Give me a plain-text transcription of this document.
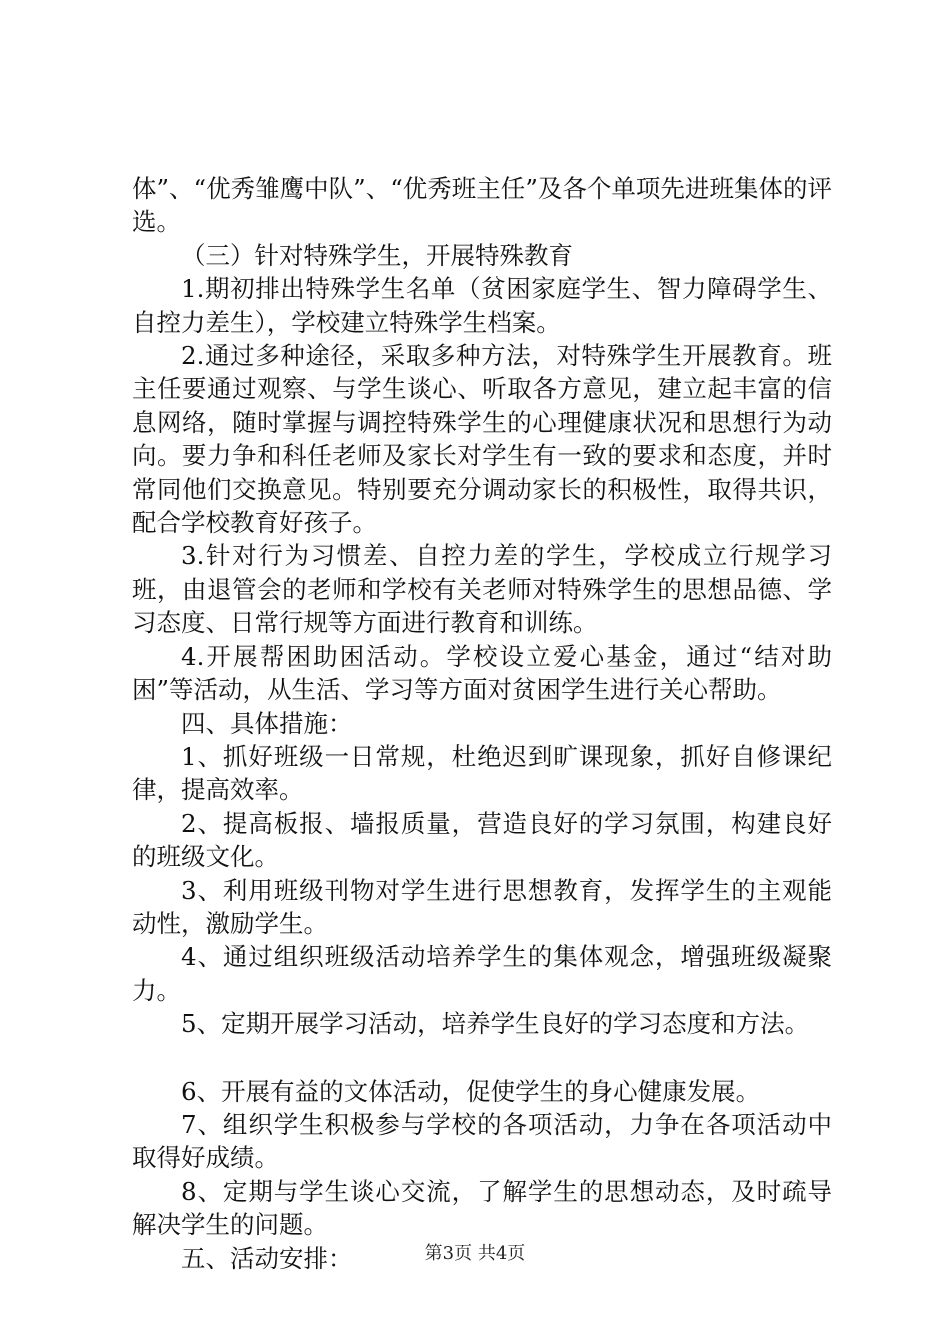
体”、“优秀雏鹰中队”、“优秀班主任”及各个单项先进班集体的评选。

（三）针对特殊学生，开展特殊教育

1.期初排出特殊学生名单（贫困家庭学生、智力障碍学生、自控力差生），学校建立特殊学生档案。

2.通过多种途径，采取多种方法，对特殊学生开展教育。班主任要通过观察、与学生谈心、听取各方意见，建立起丰富的信息网络，随时掌握与调控特殊学生的心理健康状况和思想行为动向。要力争和科任老师及家长对学生有一致的要求和态度，并时常同他们交换意见。特别要充分调动家长的积极性，取得共识，配合学校教育好孩子。

3.针对行为习惯差、自控力差的学生，学校成立行规学习班，由退管会的老师和学校有关老师对特殊学生的思想品德、学习态度、日常行规等方面进行教育和训练。

4.开展帮困助困活动。学校设立爱心基金，通过“结对助困”等活动，从生活、学习等方面对贫困学生进行关心帮助。

四、具体措施：

1、抓好班级一日常规，杜绝迟到旷课现象，抓好自修课纪律，提高效率。

2、提高板报、墙报质量，营造良好的学习氛围，构建良好的班级文化。

3、利用班级刊物对学生进行思想教育，发挥学生的主观能动性，激励学生。

4、通过组织班级活动培养学生的集体观念，增强班级凝聚力。

5、定期开展学习活动，培养学生良好的学习态度和方法。

6、开展有益的文体活动，促使学生的身心健康发展。

7、组织学生积极参与学校的各项活动，力争在各项活动中取得好成绩。

8、定期与学生谈心交流，了解学生的思想动态，及时疏导解决学生的问题。

五、活动安排：	第3页 共4页
